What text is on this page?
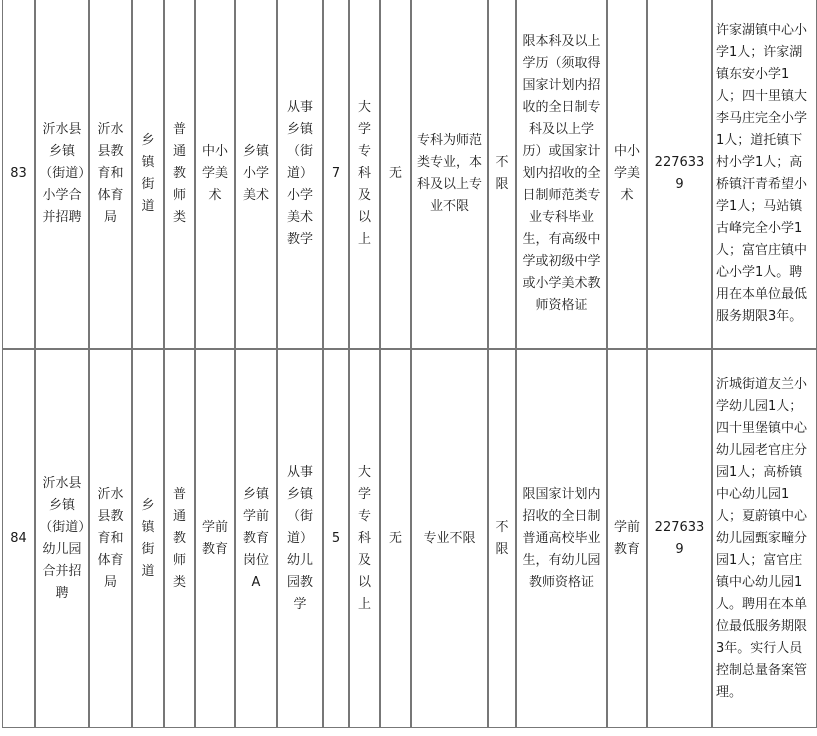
83	沂水县乡镇（街道）小学合并招聘	沂水县教育和体育局	乡镇街道	普通教师类	中小学美术	乡镇小学美术	从事乡镇（街道）小学美术教学	7	大学专科及以上	无	专科为师范类专业，本科及以上专业不限	不限	限本科及以上学历（须取得国家计划内招收的全日制专科及以上学历）或国家计划内招收的全日制师范类专业专科毕业生，有高级中学或初级中学或小学美术教师资格证	中小学美术	2276339	许家湖镇中心小学1人；许家湖镇东安小学1人；四十里镇大李马庄完全小学1人；道托镇下村小学1人；高桥镇汗青希望小学1人；马站镇古峰完全小学1人；富官庄镇中心小学1人。聘用在本单位最低服务期限3年。

84	沂水县乡镇（街道）幼儿园合并招聘	沂水县教育和体育局	乡镇街道	普通教师类	学前教育	乡镇学前教育岗位A	从事乡镇（街道）幼儿园教学	5	大学专科及以上	无	专业不限	不限	限国家计划内招收的全日制普通高校毕业生，有幼儿园教师资格证	学前教育	2276339	沂城街道友兰小学幼儿园1人；四十里堡镇中心幼儿园老官庄分园1人；高桥镇中心幼儿园1人；夏蔚镇中心幼儿园甄家疃分园1人；富官庄镇中心幼儿园1人。聘用在本单位最低服务期限3年。实行人员控制总量备案管理。
